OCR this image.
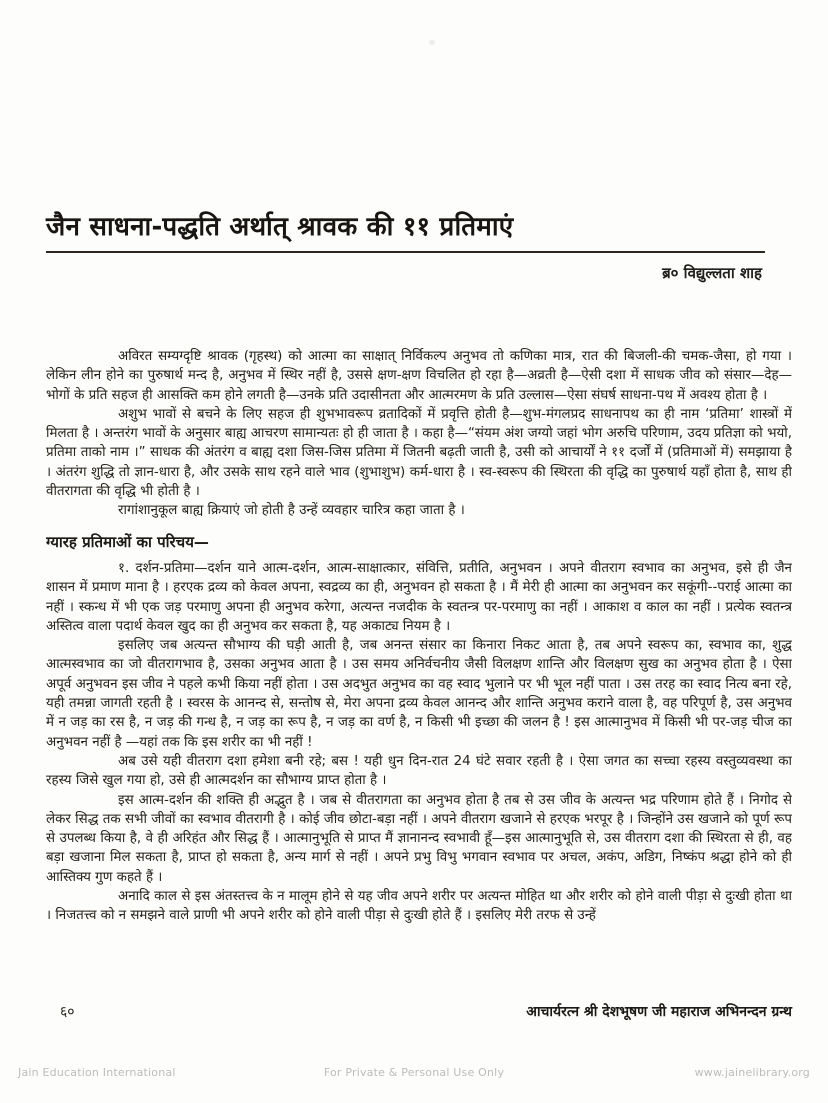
जैन साधना-पद्धति अर्थात् श्रावक की ११ प्रतिमाएं
ब्र० विद्युल्लता शाह

अविरत सम्यग्दृष्टि श्रावक (गृहस्थ) को आत्मा का साक्षात् निर्विकल्प अनुभव तो कणिका मात्र, रात की बिजली-की चमक-जैसा, हो गया । लेकिन लीन होने का पुरुषार्थ मन्द है, अनुभव में स्थिर नहीं है, उससे क्षण-क्षण विचलित हो रहा है—अव्रती है—ऐसी दशा में साधक जीव को संसार—देह—भोगों के प्रति सहज ही आसक्ति कम होने लगती है—उनके प्रति उदासीनता और आत्मरमण के प्रति उल्लास—ऐसा संघर्ष साधना-पथ में अवश्य होता है ।

अशुभ भावों से बचने के लिए सहज ही शुभभावरूप व्रतादिकों में प्रवृत्ति होती है—शुभ-मंगलप्रद साधनापथ का ही नाम ‘प्रतिमा’ शास्त्रों में मिलता है । अन्तरंग भावों के अनुसार बाह्य आचरण सामान्यतः हो ही जाता है । कहा है—“संयम अंश जग्यो जहां भोग अरुचि परिणाम, उदय प्रतिज्ञा को भयो, प्रतिमा ताको नाम ।” साधक की अंतरंग व बाह्य दशा जिस-जिस प्रतिमा में जितनी बढ़ती जाती है, उसी को आचार्यों ने ११ दर्जों में (प्रतिमाओं में) समझाया है । अंतरंग शुद्धि तो ज्ञान-धारा है, और उसके साथ रहने वाले भाव (शुभाशुभ) कर्म-धारा है । स्व-स्वरूप की स्थिरता की वृद्धि का पुरुषार्थ यहाँ होता है, साथ ही वीतरागता की वृद्धि भी होती है ।

रागांशानुकूल बाह्य क्रियाएं जो होती है उन्हें व्यवहार चारित्र कहा जाता है ।

ग्यारह प्रतिमाओं का परिचय—

१. दर्शन-प्रतिमा—दर्शन याने आत्म-दर्शन, आत्म-साक्षात्कार, संवित्ति, प्रतीति, अनुभवन । अपने वीतराग स्वभाव का अनुभव, इसे ही जैन शासन में प्रमाण माना है । हरएक द्रव्य को केवल अपना, स्वद्रव्य का ही, अनुभवन हो सकता है । मैं मेरी ही आत्मा का अनुभवन कर सकूंगी--पराई आत्मा का नहीं । स्कन्ध में भी एक जड़ परमाणु अपना ही अनुभव करेगा, अत्यन्त नजदीक के स्वतन्त्र पर-परमाणु का नहीं । आकाश व काल का नहीं । प्रत्येक स्वतन्त्र अस्तित्व वाला पदार्थ केवल खुद का ही अनुभव कर सकता है, यह अकाट्य नियम है ।

इसलिए जब अत्यन्त सौभाग्य की घड़ी आती है, जब अनन्त संसार का किनारा निकट आता है, तब अपने स्वरूप का, स्वभाव का, शुद्ध आत्मस्वभाव का जो वीतरागभाव है, उसका अनुभव आता है । उस समय अनिर्वचनीय जैसी विलक्षण शान्ति और विलक्षण सुख का अनुभव होता है । ऐसा अपूर्व अनुभवन इस जीव ने पहले कभी किया नहीं होता । उस अदभुत अनुभव का वह स्वाद भुलाने पर भी भूल नहीं पाता । उस तरह का स्वाद नित्य बना रहे, यही तमन्ना जागती रहती है । स्वरस के आनन्द से, सन्तोष से, मेरा अपना द्रव्य केवल आनन्द और शान्ति अनुभव कराने वाला है, वह परिपूर्ण है, उस अनुभव में न जड़ का रस है, न जड़ की गन्ध है, न जड़ का रूप है, न जड़ का वर्ण है, न किसी भी इच्छा की जलन है ! इस आत्मानुभव में किसी भी पर-जड़ चीज का अनुभवन नहीं है —यहां तक कि इस शरीर का भी नहीं !

अब उसे यही वीतराग दशा हमेशा बनी रहे; बस ! यही धुन दिन-रात 24 घंटे सवार रहती है । ऐसा जगत का सच्चा रहस्य वस्तुव्यवस्था का रहस्य जिसे खुल गया हो, उसे ही आत्मदर्शन का सौभाग्य प्राप्त होता है ।

इस आत्म-दर्शन की शक्ति ही अद्भुत है । जब से वीतरागता का अनुभव होता है तब से उस जीव के अत्यन्त भद्र परिणाम होते हैं । निगोद से लेकर सिद्ध तक सभी जीवों का स्वभाव वीतरागी है । कोई जीव छोटा-बड़ा नहीं । अपने वीतराग खजाने से हरएक भरपूर है । जिन्होंने उस खजाने को पूर्ण रूप से उपलब्ध किया है, वे ही अरिहंत और सिद्ध हैं । आत्मानुभूति से प्राप्त मैं ज्ञानानन्द स्वभावी हूँ—इस आत्मानुभूति से, उस वीतराग दशा की स्थिरता से ही, वह बड़ा खजाना मिल सकता है, प्राप्त हो सकता है, अन्य मार्ग से नहीं । अपने प्रभु विभु भगवान स्वभाव पर अचल, अकंप, अडिग, निष्कंप श्रद्धा होने को ही आस्तिक्य गुण कहते हैं ।

अनादि काल से इस अंतस्तत्त्व के न मालूम होने से यह जीव अपने शरीर पर अत्यन्त मोहित था और शरीर को होने वाली पीड़ा से दुःखी होता था । निजतत्त्व को न समझने वाले प्राणी भी अपने शरीर को होने वाली पीड़ा से दुःखी होते हैं । इसलिए मेरी तरफ से उन्हें

६०	आचार्यरत्न श्री देशभूषण जी महाराज अभिनन्दन ग्रन्थ
Jain Education International	For Private & Personal Use Only	www.jainelibrary.org
